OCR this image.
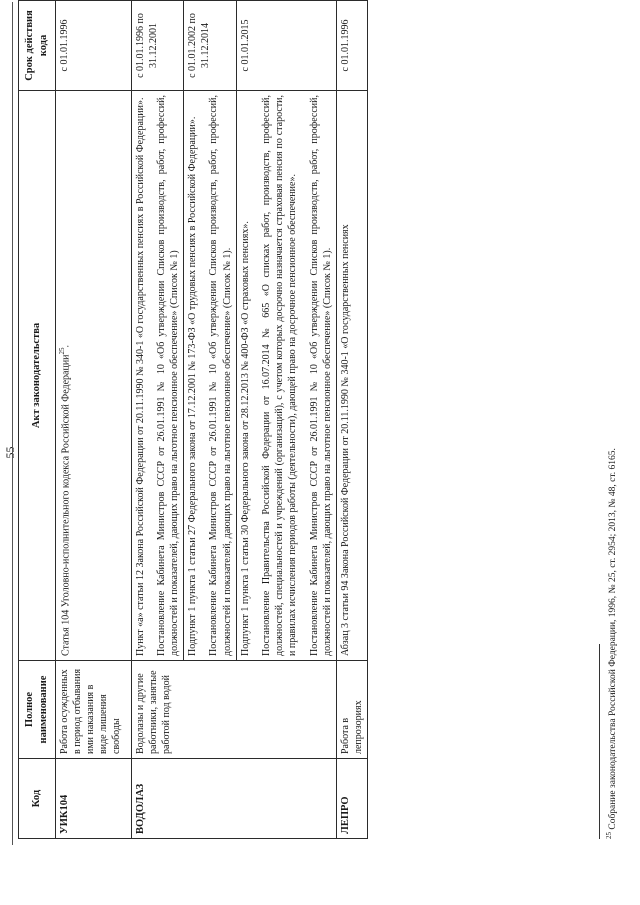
55
Код	Полное наименование	Акт законодательства	Срок действия кода
УИК104	Работа осужденных в период отбывания ими наказания в виде лишения свободы	Статья 104 Уголовно-исполнительного кодекса Российской Федерации$^{25}$.	с 01.01.1996
ВОДОЛАЗ	Водолазы и другие работники, занятые работой под водой	Пункт «а» статьи 12 Закона Российской Федерации от 20.11.1990 № 340-1 «О государственных пенсиях в Российской Федерации». Постановление Кабинета Министров СССР от 26.01.1991 № 10 «Об утверждении Списков производств, работ, профессий, должностей и показателей, дающих право на льготное пенсионное обеспечение» (Список № 1)	с 01.01.1996 по 31.12.2001

		Подпункт 1 пункта 1 статьи 27 Федерального закона от 17.12.2001 № 173-ФЗ «О трудовых пенсиях в Российской Федерации». Постановление Кабинета Министров СССР от 26.01.1991 № 10 «Об утверждении Списков производств, работ, профессий, должностей и показателей, дающих право на льготное пенсионное обеспечение» (Список № 1).	с 01.01.2002 по 31.12.2014

		Подпункт 1 пункта 1 статьи 30 Федерального закона от 28.12.2013 № 400-ФЗ «О страховых пенсиях». Постановление Правительства Российской Федерации от 16.07.2014 № 665 «О списках работ, производств, профессий, должностей, специальностей и учреждений (организаций), с учетом которых досрочно назначается страховая пенсия по старости, и правилах исчисления периодов работы (деятельности), дающей право на досрочное пенсионное обеспечение». Постановление Кабинета Министров СССР от 26.01.1991 № 10 «Об утверждении Списков производств, работ, профессий, должностей и показателей, дающих право на льготное пенсионное обеспечение» (Список № 1).	с 01.01.2015
ЛЕПРО	Работа в лепрозориях	Абзац 3 статьи 94 Закона Российской Федерации от 20.11.1990 № 340-1 «О государственных пенсиях	с 01.01.1996
$^{25}$ Собрание законодательства Российской Федерации, 1996, № 25, ст. 2954; 2013, № 48, ст. 6165.
